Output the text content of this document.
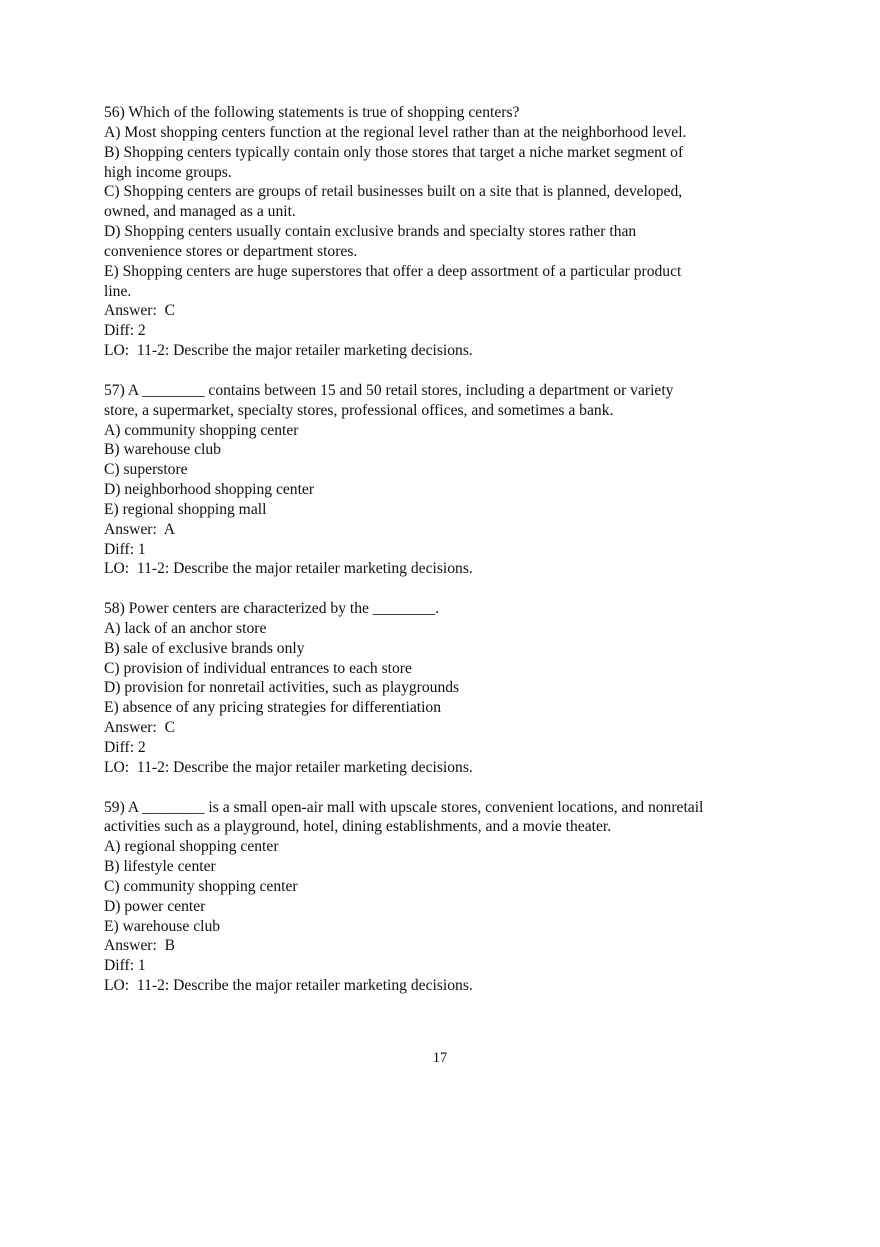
56) Which of the following statements is true of shopping centers?
A) Most shopping centers function at the regional level rather than at the neighborhood level.
B) Shopping centers typically contain only those stores that target a niche market segment of
high income groups.
C) Shopping centers are groups of retail businesses built on a site that is planned, developed,
owned, and managed as a unit.
D) Shopping centers usually contain exclusive brands and specialty stores rather than
convenience stores or department stores.
E) Shopping centers are huge superstores that offer a deep assortment of a particular product
line.
Answer:  C
Diff: 2
LO:  11-2: Describe the major retailer marketing decisions.
57) A ________ contains between 15 and 50 retail stores, including a department or variety
store, a supermarket, specialty stores, professional offices, and sometimes a bank.
A) community shopping center
B) warehouse club
C) superstore
D) neighborhood shopping center
E) regional shopping mall
Answer:  A
Diff: 1
LO:  11-2: Describe the major retailer marketing decisions.
58) Power centers are characterized by the ________.
A) lack of an anchor store
B) sale of exclusive brands only
C) provision of individual entrances to each store
D) provision for nonretail activities, such as playgrounds
E) absence of any pricing strategies for differentiation
Answer:  C
Diff: 2
LO:  11-2: Describe the major retailer marketing decisions.
59) A ________ is a small open-air mall with upscale stores, convenient locations, and nonretail
activities such as a playground, hotel, dining establishments, and a movie theater.
A) regional shopping center
B) lifestyle center
C) community shopping center
D) power center
E) warehouse club
Answer:  B
Diff: 1
LO:  11-2: Describe the major retailer marketing decisions.
17
